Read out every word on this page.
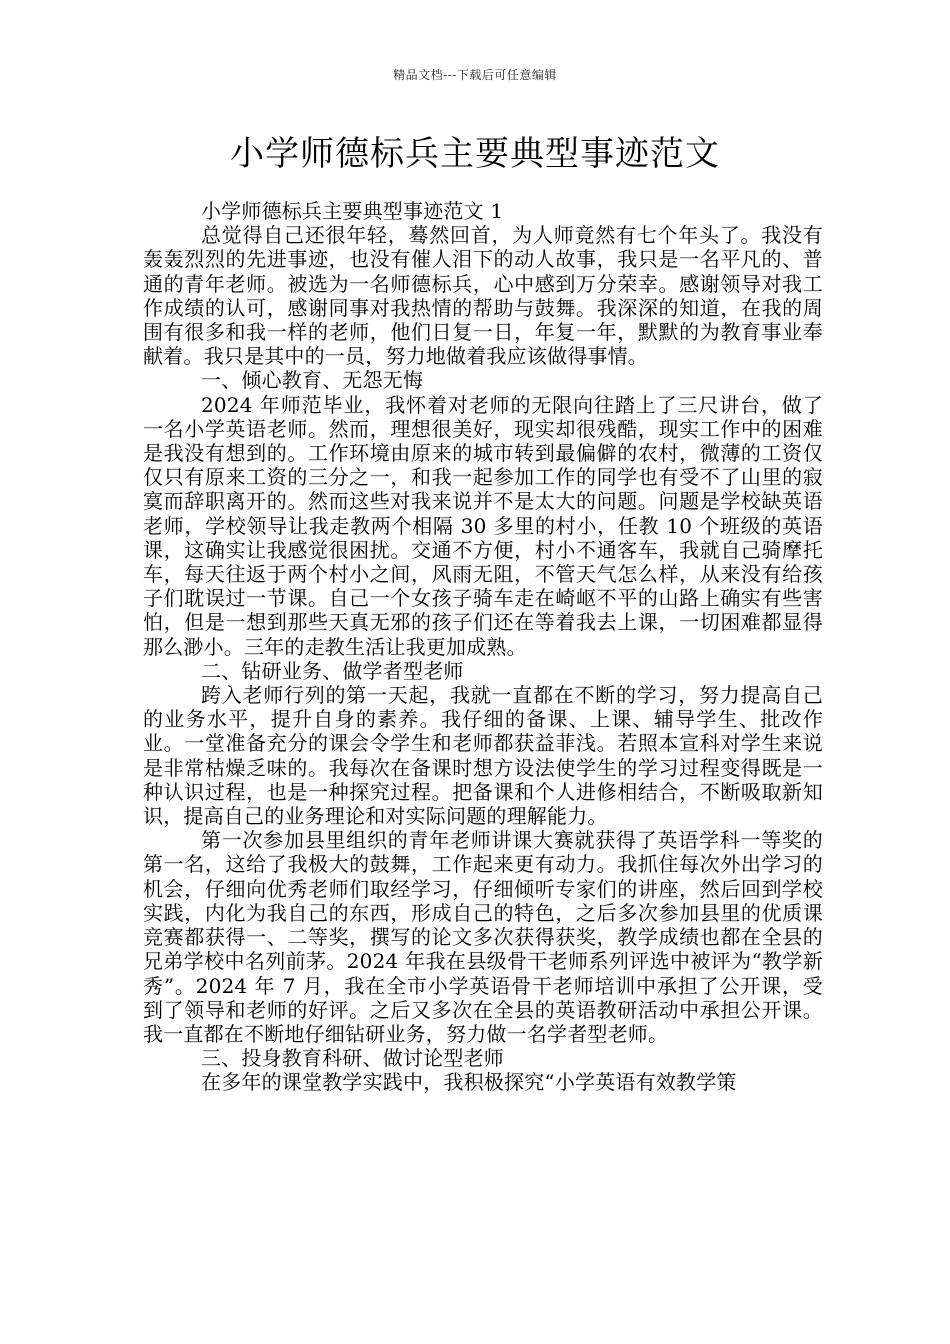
精品文档---下载后可任意编辑
小学师德标兵主要典型事迹范文

小学师德标兵主要典型事迹范文 1

总觉得自己还很年轻，蓦然回首，为人师竟然有七个年头了。我没有轰轰烈烈的先进事迹，也没有催人泪下的动人故事，我只是一名平凡的、普通的青年老师。被选为一名师德标兵，心中感到万分荣幸。感谢领导对我工作成绩的认可，感谢同事对我热情的帮助与鼓舞。我深深的知道，在我的周围有很多和我一样的老师，他们日复一日，年复一年，默默的为教育事业奉献着。我只是其中的一员，努力地做着我应该做得事情。

一、倾心教育、无怨无悔

2024 年师范毕业，我怀着对老师的无限向往踏上了三尺讲台，做了一名小学英语老师。然而，理想很美好，现实却很残酷，现实工作中的困难是我没有想到的。工作环境由原来的城市转到最偏僻的农村，微薄的工资仅仅只有原来工资的三分之一，和我一起参加工作的同学也有受不了山里的寂寞而辞职离开的。然而这些对我来说并不是太大的问题。问题是学校缺英语老师，学校领导让我走教两个相隔 30 多里的村小，任教 10 个班级的英语课，这确实让我感觉很困扰。交通不方便，村小不通客车，我就自己骑摩托车，每天往返于两个村小之间，风雨无阻，不管天气怎么样，从来没有给孩子们耽误过一节课。自己一个女孩子骑车走在崎岖不平的山路上确实有些害怕，但是一想到那些天真无邪的孩子们还在等着我去上课，一切困难都显得那么渺小。三年的走教生活让我更加成熟。

二、钻研业务、做学者型老师

跨入老师行列的第一天起，我就一直都在不断的学习，努力提高自己的业务水平，提升自身的素养。我仔细的备课、上课、辅导学生、批改作业。一堂准备充分的课会令学生和老师都获益菲浅。若照本宣科对学生来说是非常枯燥乏味的。我每次在备课时想方设法使学生的学习过程变得既是一种认识过程，也是一种探究过程。把备课和个人进修相结合，不断吸取新知识，提高自己的业务理论和对实际问题的理解能力。

第一次参加县里组织的青年老师讲课大赛就获得了英语学科一等奖的第一名，这给了我极大的鼓舞，工作起来更有动力。我抓住每次外出学习的机会，仔细向优秀老师们取经学习，仔细倾听专家们的讲座，然后回到学校实践，内化为我自己的东西，形成自己的特色，之后多次参加县里的优质课竞赛都获得一、二等奖，撰写的论文多次获得获奖，教学成绩也都在全县的兄弟学校中名列前茅。2024 年我在县级骨干老师系列评选中被评为“教学新秀”。2024 年 7 月，我在全市小学英语骨干老师培训中承担了公开课，受到了领导和老师的好评。之后又多次在全县的英语教研活动中承担公开课。我一直都在不断地仔细钻研业务，努力做一名学者型老师。

三、投身教育科研、做讨论型老师

在多年的课堂教学实践中，我积极探究“小学英语有效教学策
